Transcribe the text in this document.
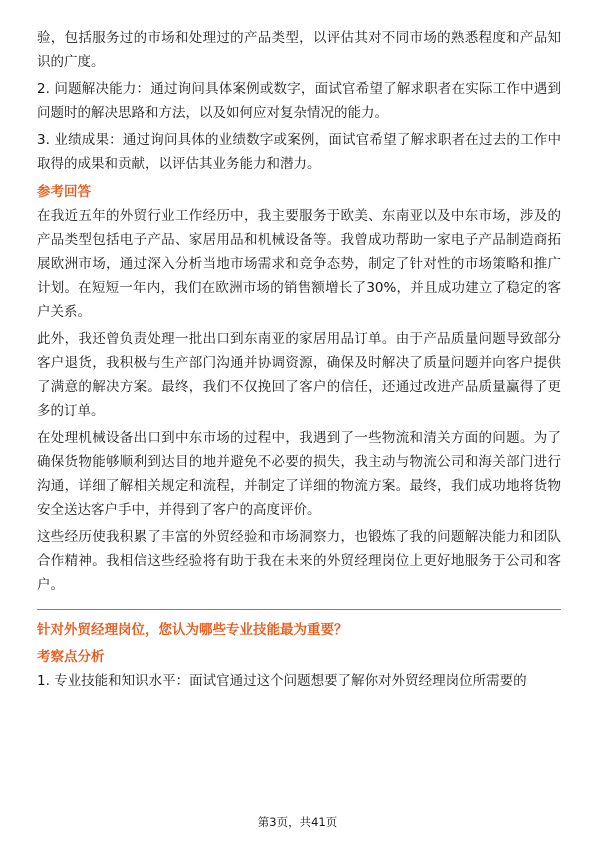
验，包括服务过的市场和处理过的产品类型，以评估其对不同市场的熟悉程度和产品知识的广度。

2. 问题解决能力：通过询问具体案例或数字，面试官希望了解求职者在实际工作中遇到问题时的解决思路和方法，以及如何应对复杂情况的能力。

3. 业绩成果：通过询问具体的业绩数字或案例，面试官希望了解求职者在过去的工作中取得的成果和贡献，以评估其业务能力和潜力。

参考回答

在我近五年的外贸行业工作经历中，我主要服务于欧美、东南亚以及中东市场，涉及的产品类型包括电子产品、家居用品和机械设备等。我曾成功帮助一家电子产品制造商拓展欧洲市场，通过深入分析当地市场需求和竞争态势，制定了针对性的市场策略和推广计划。在短短一年内，我们在欧洲市场的销售额增长了30%，并且成功建立了稳定的客户关系。

此外，我还曾负责处理一批出口到东南亚的家居用品订单。由于产品质量问题导致部分客户退货，我积极与生产部门沟通并协调资源，确保及时解决了质量问题并向客户提供了满意的解决方案。最终，我们不仅挽回了客户的信任，还通过改进产品质量赢得了更多的订单。

在处理机械设备出口到中东市场的过程中，我遇到了一些物流和清关方面的问题。为了确保货物能够顺利到达目的地并避免不必要的损失，我主动与物流公司和海关部门进行沟通，详细了解相关规定和流程，并制定了详细的物流方案。最终，我们成功地将货物安全送达客户手中，并得到了客户的高度评价。

这些经历使我积累了丰富的外贸经验和市场洞察力，也锻炼了我的问题解决能力和团队合作精神。我相信这些经验将有助于我在未来的外贸经理岗位上更好地服务于公司和客户。

针对外贸经理岗位，您认为哪些专业技能最为重要？
考察点分析

1. 专业技能和知识水平：面试官通过这个问题想要了解你对外贸经理岗位所需要的

第3页，共41页
